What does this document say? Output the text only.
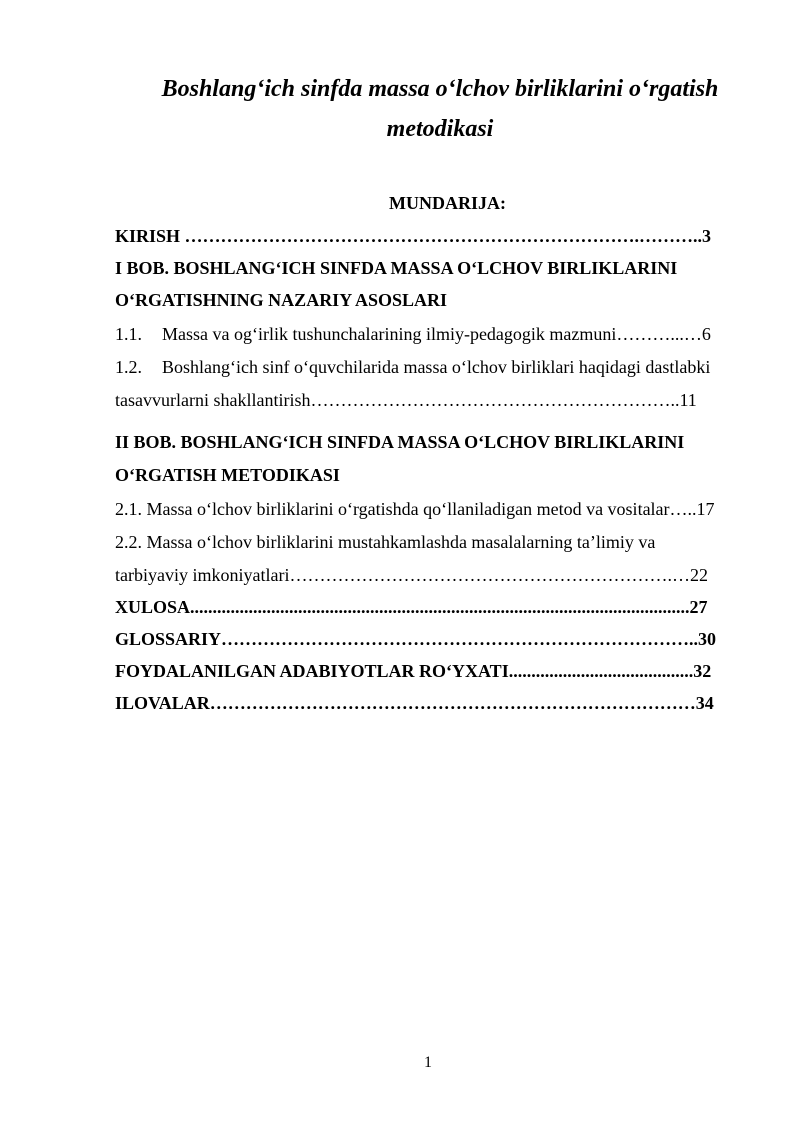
Boshlang‘ich sinfda massa o‘lchov birliklarini o‘rgatish
metodikasi
MUNDARIJA:
KIRISH ………………………………………………………………….………..3
I BOB. BOSHLANG‘ICH SINFDA MASSA O‘LCHOV BIRLIKLARINI
O‘RGATISHNING NAZARIY ASOSLARI
1.1. Massa va og‘irlik tushunchalarining ilmiy-pedagogik mazmuni………...…6
1.2. Boshlang‘ich sinf o‘quvchilarida massa o‘lchov birliklari haqidagi dastlabki
tasavvurlarni shakllantirish……………………………………………………..11
II BOB. BOSHLANG‘ICH SINFDA MASSA O‘LCHOV BIRLIKLARINI
O‘RGATISH METODIKASI
2.1. Massa o‘lchov birliklarini o‘rgatishda qo‘llaniladigan metod va vositalar…..17
2.2. Massa o‘lchov birliklarini mustahkamlashda masalalarning ta’limiy va
tarbiyaviy imkoniyatlari……………………………………………………….…22
XULOSA...............................................................................................................27
GLOSSARIY……………………………………………………………………..30
FOYDALANILGAN ADABIYOTLAR RO‘YXATI.........................................32
ILOVALAR………………………………………………………………………34
1
